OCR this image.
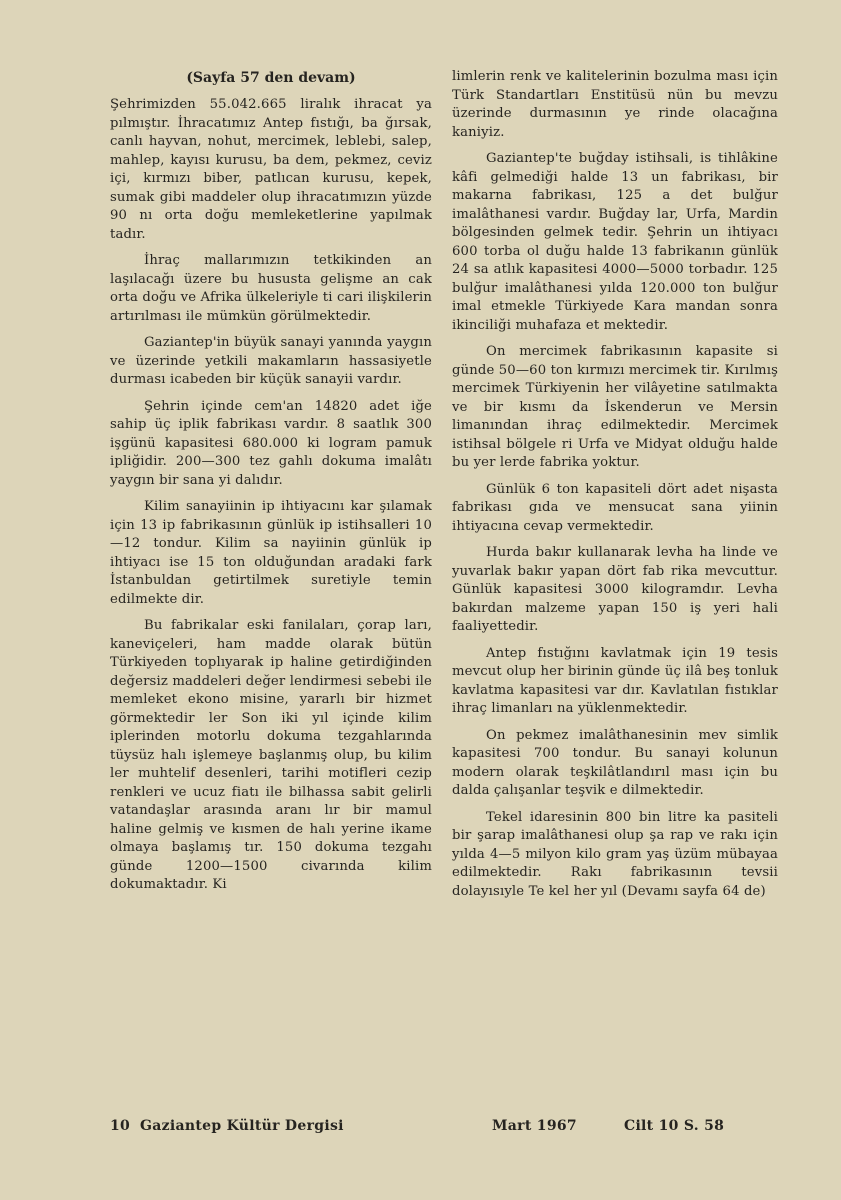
(Sayfa 57 den devam)

Şehrimizden 55.042.665 liralık ihracat ya pılmıştır. İhracatımız Antep fıstığı, ba ğırsak, canlı hayvan, nohut, mercimek, leblebi, salep, mahlep, kayısı kurusu, ba dem, pekmez, ceviz içi, kırmızı biber, patlıcan kurusu, kepek, sumak gibi maddeler olup ihracatımızın yüzde 90 nı orta doğu memleketlerine yapılmak tadır.

İhraç mallarımızın tetkikinden an laşılacağı üzere bu hususta gelişme an cak orta doğu ve Afrika ülkeleriyle ti cari ilişkilerin artırılması ile mümkün görülmektedir.

Gaziantep'in büyük sanayi yanında yaygın ve üzerinde yetkili makamların hassasiyetle durması icabeden bir küçük sanayii vardır.

Şehrin içinde cem'an 14820 adet iğe sahip üç iplik fabrikası vardır. 8 saatlık 300 işgünü kapasitesi 680.000 ki logram pamuk ipliğidir. 200—300 tez gahlı dokuma imalâtı yaygın bir sana yi dalıdır.

Kilim sanayiinin ip ihtiyacını kar şılamak için 13 ip fabrikasının günlük ip istihsalleri 10—12 tondur. Kilim sa nayiinin günlük ip ihtiyacı ise 15 ton olduğundan aradaki fark İstanbuldan getirtilmek suretiyle temin edilmekte dir.

Bu fabrikalar eski fanilaları, çorap ları, kaneviçeleri, ham madde olarak bütün Türkiyeden toplıyarak ip haline getirdiğinden değersiz maddeleri değer lendirmesi sebebi ile memleket ekono misine, yararlı bir hizmet görmektedir ler Son iki yıl içinde kilim iplerinden motorlu dokuma tezgahlarında tüysüz halı işlemeye başlanmış olup, bu kilim ler muhtelif desenleri, tarihi motifleri cezip renkleri ve ucuz fiatı ile bilhassa sabit gelirli vatandaşlar arasında aranı lır bir mamul haline gelmiş ve kısmen de halı yerine ikame olmaya başlamış tır. 150 dokuma tezgahı günde 1200—1500 civarında kilim dokumaktadır. Ki

limlerin renk ve kalitelerinin bozulma ması için Türk Standartları Enstitüsü nün bu mevzu üzerinde durmasının ye rinde olacağına kaniyiz.

Gaziantep'te buğday istihsali, is tihlâkine kâfi gelmediği halde 13 un fabrikası, bir makarna fabrikası, 125 a det bulğur imalâthanesi vardır. Buğday lar, Urfa, Mardin bölgesinden gelmek tedir. Şehrin un ihtiyacı 600 torba ol duğu halde 13 fabrikanın günlük 24 sa atlık kapasitesi 4000—5000 torbadır. 125 bulğur imalâthanesi yılda 120.000 ton bulğur imal etmekle Türkiyede Kara mandan sonra ikinciliği muhafaza et mektedir.

On mercimek fabrikasının kapasite si günde 50—60 ton kırmızı mercimek tir. Kırılmış mercimek Türkiyenin her vilâyetine satılmakta ve bir kısmı da İskenderun ve Mersin limanından ihraç edilmektedir. Mercimek istihsal bölgele ri Urfa ve Midyat olduğu halde bu yer lerde fabrika yoktur.

Günlük 6 ton kapasiteli dört adet nişasta fabrikası gıda ve mensucat sana yiinin ihtiyacına cevap vermektedir.

Hurda bakır kullanarak levha ha linde ve yuvarlak bakır yapan dört fab rika mevcuttur. Günlük kapasitesi 3000 kilogramdır. Levha bakırdan malzeme yapan 150 iş yeri hali faaliyettedir.

Antep fıstığını kavlatmak için 19 tesis mevcut olup her birinin günde üç ilâ beş tonluk kavlatma kapasitesi var dır. Kavlatılan fıstıklar ihraç limanları na yüklenmektedir.

On pekmez imalâthanesinin mev simlik kapasitesi 700 tondur. Bu sanayi kolunun modern olarak teşkilâtlandırıl ması için bu dalda çalışanlar teşvik e dilmektedir.

Tekel idaresinin 800 bin litre ka pasiteli bir şarap imalâthanesi olup şa rap ve rakı için yılda 4—5 milyon kilo gram yaş üzüm mübayaa edilmektedir. Rakı fabrikasının tevsii dolayısıyle Te kel her yıl (Devamı sayfa 64 de)

10 Gaziantep Kültür Dergisi	Mart 1967	Cilt 10 S. 58
